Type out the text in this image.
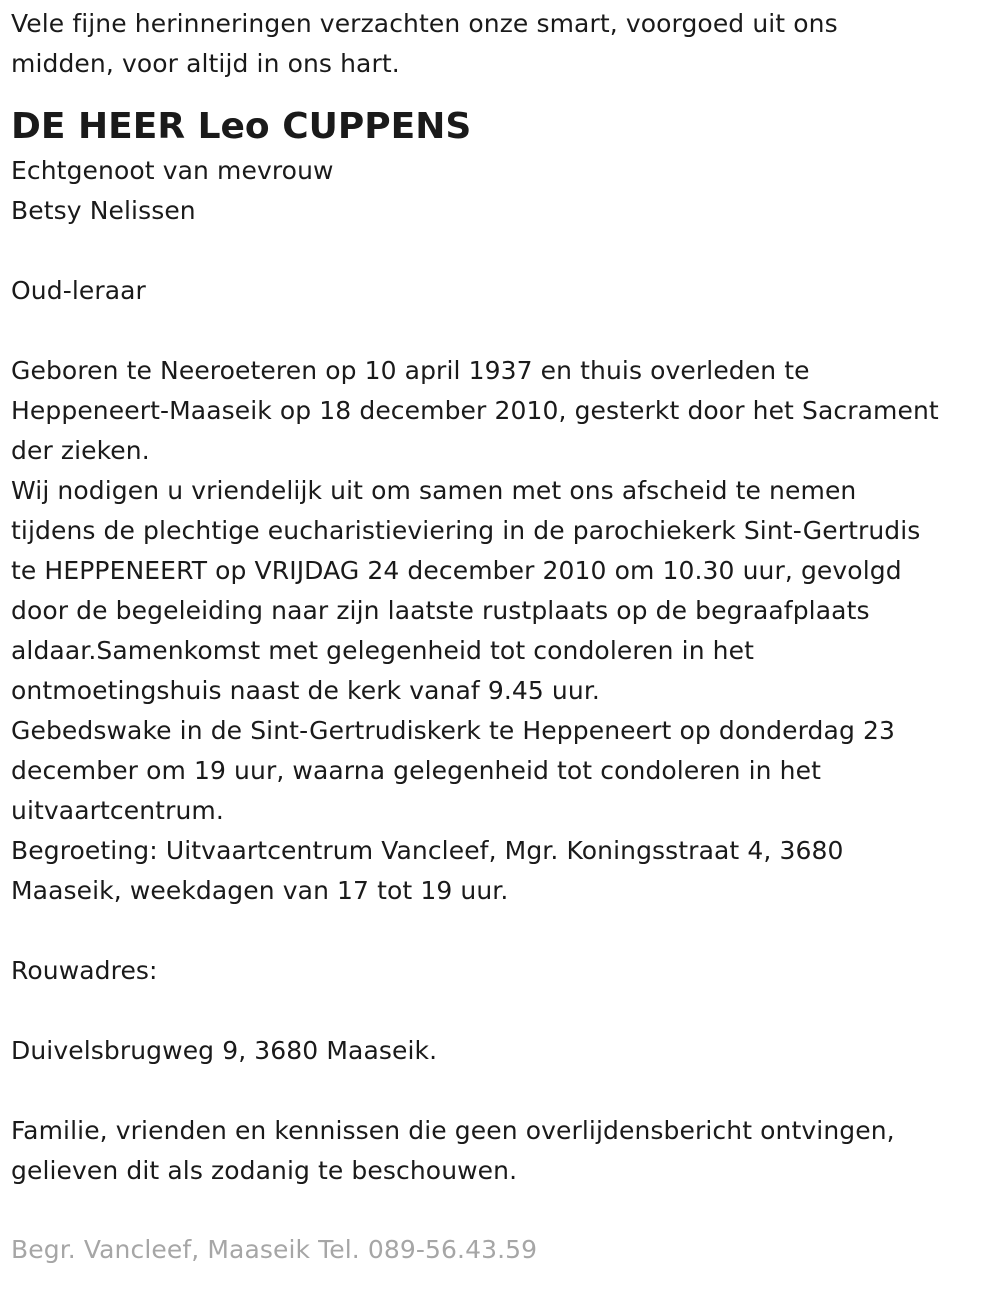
Vele fijne herinneringen verzachten onze smart, voorgoed uit ons
midden, voor altijd in ons hart.
DE HEER Leo CUPPENS
Echtgenoot van mevrouw
Betsy Nelissen
Oud-leraar
Geboren te Neeroeteren op 10 april 1937 en thuis overleden te
Heppeneert-Maaseik op 18 december 2010, gesterkt door het Sacrament
der zieken.
Wij nodigen u vriendelijk uit om samen met ons afscheid te nemen
tijdens de plechtige eucharistieviering in de parochiekerk Sint-Gertrudis
te HEPPENEERT op VRIJDAG 24 december 2010 om 10.30 uur, gevolgd
door de begeleiding naar zijn laatste rustplaats op de begraafplaats
aldaar.Samenkomst met gelegenheid tot condoleren in het
ontmoetingshuis naast de kerk vanaf 9.45 uur.
Gebedswake in de Sint-Gertrudiskerk te Heppeneert op donderdag 23
december om 19 uur, waarna gelegenheid tot condoleren in het
uitvaartcentrum.
Begroeting: Uitvaartcentrum Vancleef, Mgr. Koningsstraat 4, 3680
Maaseik, weekdagen van 17 tot 19 uur.
Rouwadres:
Duivelsbrugweg 9, 3680 Maaseik.
Familie, vrienden en kennissen die geen overlijdensbericht ontvingen,
gelieven dit als zodanig te beschouwen.
Begr. Vancleef, Maaseik Tel. 089-56.43.59
